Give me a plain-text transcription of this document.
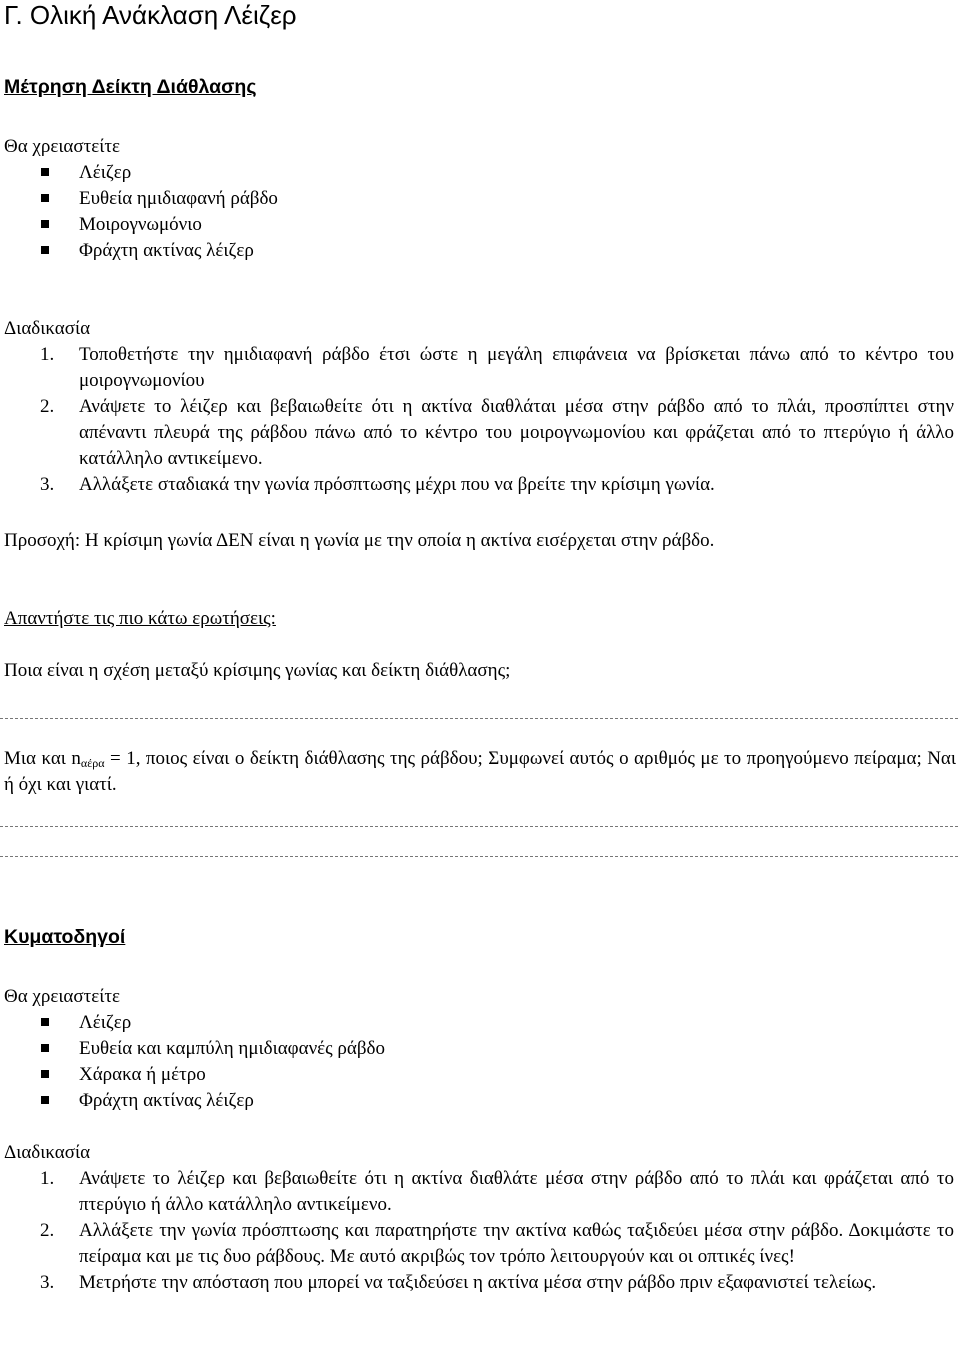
Γ. Ολική Ανάκλαση Λέιζερ
Μέτρηση Δείκτη Διάθλασης
Θα χρειαστείτε
Λέιζερ
Ευθεία ημιδιαφανή ράβδο
Μοιρογνωμόνιο
Φράχτη ακτίνας λέιζερ
Διαδικασία
1. Τοποθετήστε την ημιδιαφανή ράβδο έτσι ώστε η μεγάλη επιφάνεια να βρίσκεται πάνω από το κέντρο του μοιρογνωμονίου
2. Ανάψετε το λέιζερ και βεβαιωθείτε ότι η ακτίνα διαθλάται μέσα στην ράβδο από το πλάι, προσπίπτει στην απέναντι πλευρά της ράβδου πάνω από το κέντρο του μοιρογνωμονίου και φράζεται από το πτερύγιο ή άλλο κατάλληλο αντικείμενο.
3. Αλλάξετε σταδιακά την γωνία πρόσπτωσης μέχρι που να βρείτε την κρίσιμη γωνία.
Προσοχή: Η κρίσιμη γωνία ΔΕΝ είναι η γωνία με την οποία η ακτίνα εισέρχεται στην ράβδο.
Απαντήστε τις πιο κάτω ερωτήσεις:
Ποια είναι η σχέση μεταξύ κρίσιμης γωνίας και δείκτη διάθλασης;
Μια και $n_{\alpha έ\rho\alpha} = 1$, ποιος είναι ο δείκτη διάθλασης της ράβδου; Συμφωνεί αυτός ο αριθμός με το προηγούμενο πείραμα; Ναι ή όχι και γιατί.
Κυματοδηγοί
Θα χρειαστείτε
Λέιζερ
Ευθεία και καμπύλη ημιδιαφανές ράβδο
Χάρακα ή μέτρο
Φράχτη ακτίνας λέιζερ
Διαδικασία
1. Ανάψετε το λέιζερ και βεβαιωθείτε ότι η ακτίνα διαθλάτε μέσα στην ράβδο από το πλάι και φράζεται από το πτερύγιο ή άλλο κατάλληλο αντικείμενο.
2. Αλλάξετε την γωνία πρόσπτωσης και παρατηρήστε την ακτίνα καθώς ταξιδεύει μέσα στην ράβδο. Δοκιμάστε το πείραμα και με τις δυο ράβδους. Με αυτό ακριβώς τον τρόπο λειτουργούν και οι οπτικές ίνες!
3. Μετρήστε την απόσταση που μπορεί να ταξιδεύσει η ακτίνα μέσα στην ράβδο πριν εξαφανιστεί τελείως.
